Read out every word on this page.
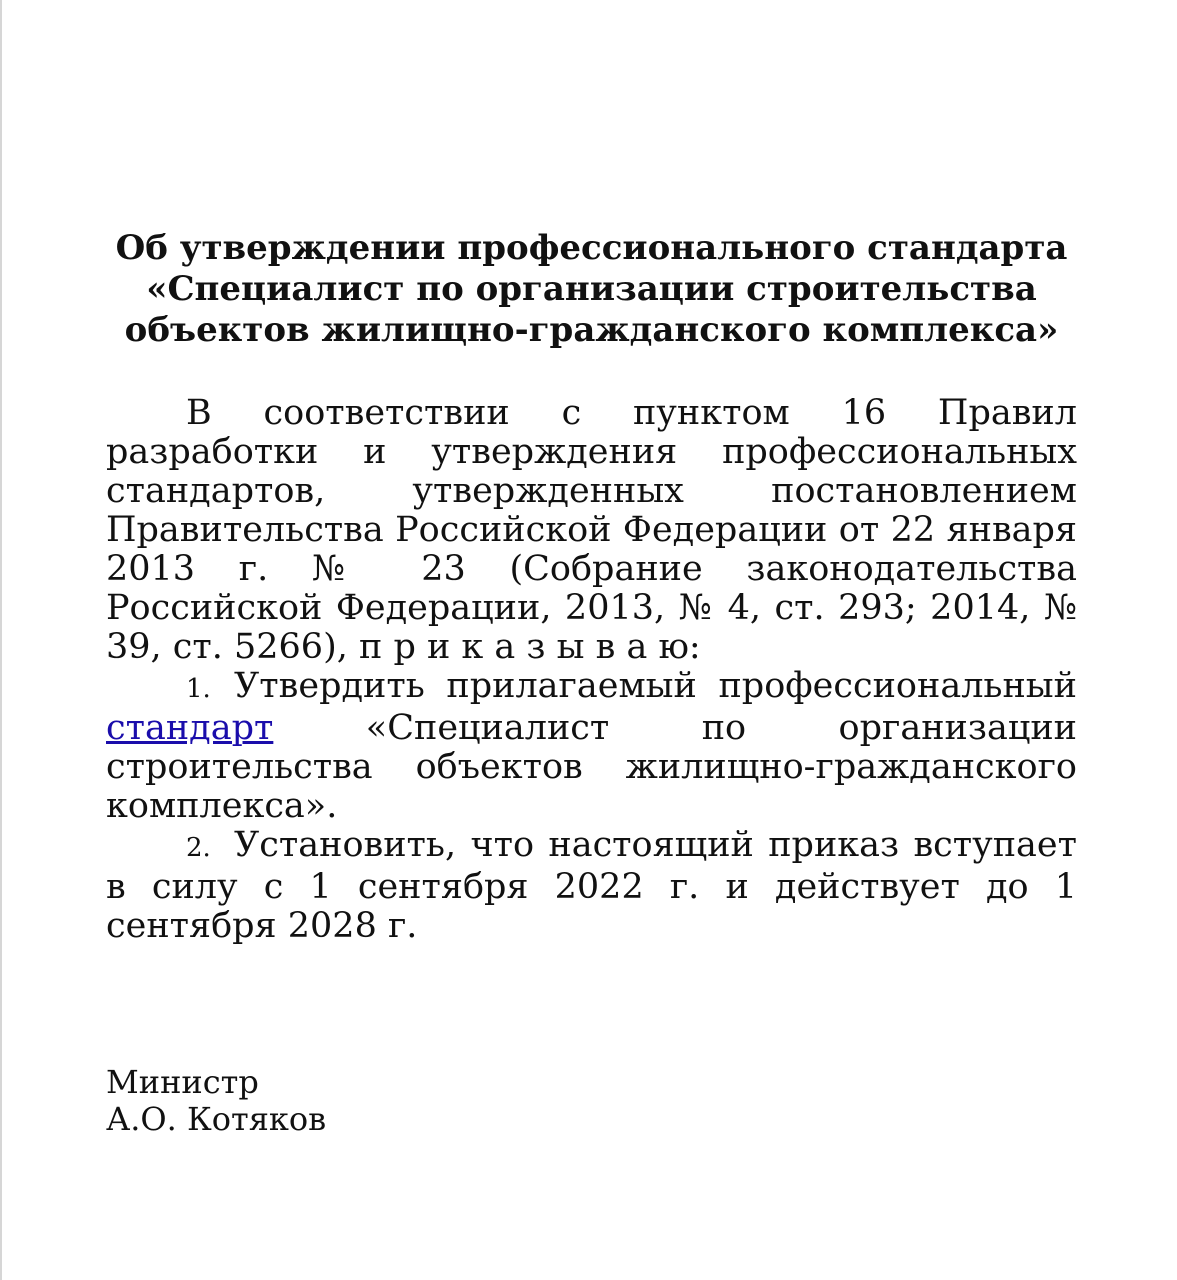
Об утверждении профессионального стандарта
«Специалист по организации строительства
объектов жилищно-гражданского комплекса»

В соответствии с пунктом 16 Правил разработки и утверждения профессиональных стандартов, утвержденных постановлением Правительства Российской Федерации от 22 января 2013 г. № 23 (Собрание законодательства Российской Федерации, 2013, № 4, ст. 293; 2014, № 39, ст. 5266), п р и к а з ы в а ю:

1. Утвердить прилагаемый профессиональный стандарт	«Специалист по организации строительства объектов жилищно-гражданского комплекса».

2. Установить, что настоящий приказ вступает в силу с 1 сентября 2022 г. и действует до 1 сентября 2028 г.

Министр
А.О. Котяков
